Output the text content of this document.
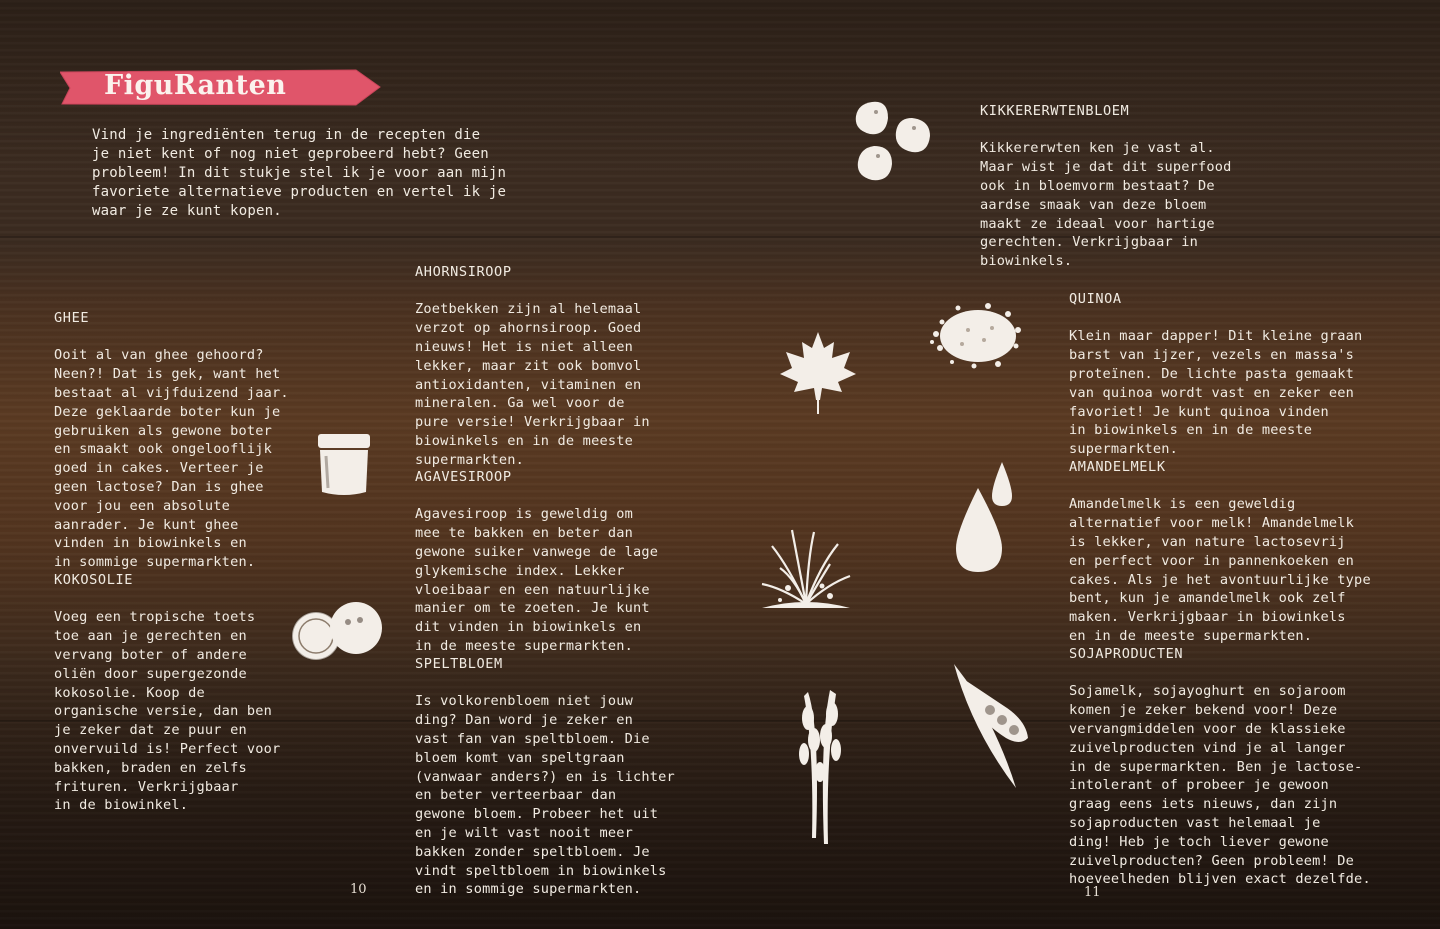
FiguRanten
Vind je ingrediënten terug in de recepten die
je niet kent of nog niet geprobeerd hebt? Geen
probleem! In dit stukje stel ik je voor aan mijn
favoriete alternatieve producten en vertel ik je
waar je ze kunt kopen.

GHEE

Ooit al van ghee gehoord?
Neen?! Dat is gek, want het
bestaat al vijfduizend jaar.
Deze geklaarde boter kun je
gebruiken als gewone boter
en smaakt ook ongelooflijk
goed in cakes. Verteer je
geen lactose? Dan is ghee
voor jou een absolute
aanrader. Je kunt ghee
vinden in biowinkels en
in sommige supermarkten.

KOKOSOLIE

Voeg een tropische toets
toe aan je gerechten en
vervang boter of andere
oliën door supergezonde
kokosolie. Koop de
organische versie, dan ben
je zeker dat ze puur en
onvervuild is! Perfect voor
bakken, braden en zelfs
frituren. Verkrijgbaar
in de biowinkel.

AHORNSIROOP

Zoetbekken zijn al helemaal
verzot op ahornsiroop. Goed
nieuws! Het is niet alleen
lekker, maar zit ook bomvol
antioxidanten, vitaminen en
mineralen. Ga wel voor de
pure versie! Verkrijgbaar in
biowinkels en in de meeste
supermarkten.

AGAVESIROOP

Agavesiroop is geweldig om
mee te bakken en beter dan
gewone suiker vanwege de lage
glykemische index. Lekker
vloeibaar en een natuurlijke
manier om te zoeten. Je kunt
dit vinden in biowinkels en
in de meeste supermarkten.

SPELTBLOEM

Is volkorenbloem niet jouw
ding? Dan word je zeker en
vast fan van speltbloem. Die
bloem komt van speltgraan
(vanwaar anders?) en is lichter
en beter verteerbaar dan
gewone bloem. Probeer het uit
en je wilt vast nooit meer
bakken zonder speltbloem. Je
vindt speltbloem in biowinkels
en in sommige supermarkten.

KIKKERERWTENBLOEM

Kikkererwten ken je vast al.
Maar wist je dat dit superfood
ook in bloemvorm bestaat? De
aardse smaak van deze bloem
maakt ze ideaal voor hartige
gerechten. Verkrijgbaar in
biowinkels.

QUINOA

Klein maar dapper! Dit kleine graan
barst van ijzer, vezels en massa's
proteïnen. De lichte pasta gemaakt
van quinoa wordt vast en zeker een
favoriet! Je kunt quinoa vinden
in biowinkels en in de meeste
supermarkten.

AMANDELMELK

Amandelmelk is een geweldig
alternatief voor melk! Amandelmelk
is lekker, van nature lactosevrij
en perfect voor in pannenkoeken en
cakes. Als je het avontuurlijke type
bent, kun je amandelmelk ook zelf
maken. Verkrijgbaar in biowinkels
en in de meeste supermarkten.

SOJAPRODUCTEN

Sojamelk, sojayoghurt en sojaroom
komen je zeker bekend voor! Deze
vervangmiddelen voor de klassieke
zuivelproducten vind je al langer
in de supermarkten. Ben je lactose-
intolerant of probeer je gewoon
graag eens iets nieuws, dan zijn
sojaproducten vast helemaal je
ding! Heb je toch liever gewone
zuivelproducten? Geen probleem! De
hoeveelheden blijven exact dezelfde.

10	11
